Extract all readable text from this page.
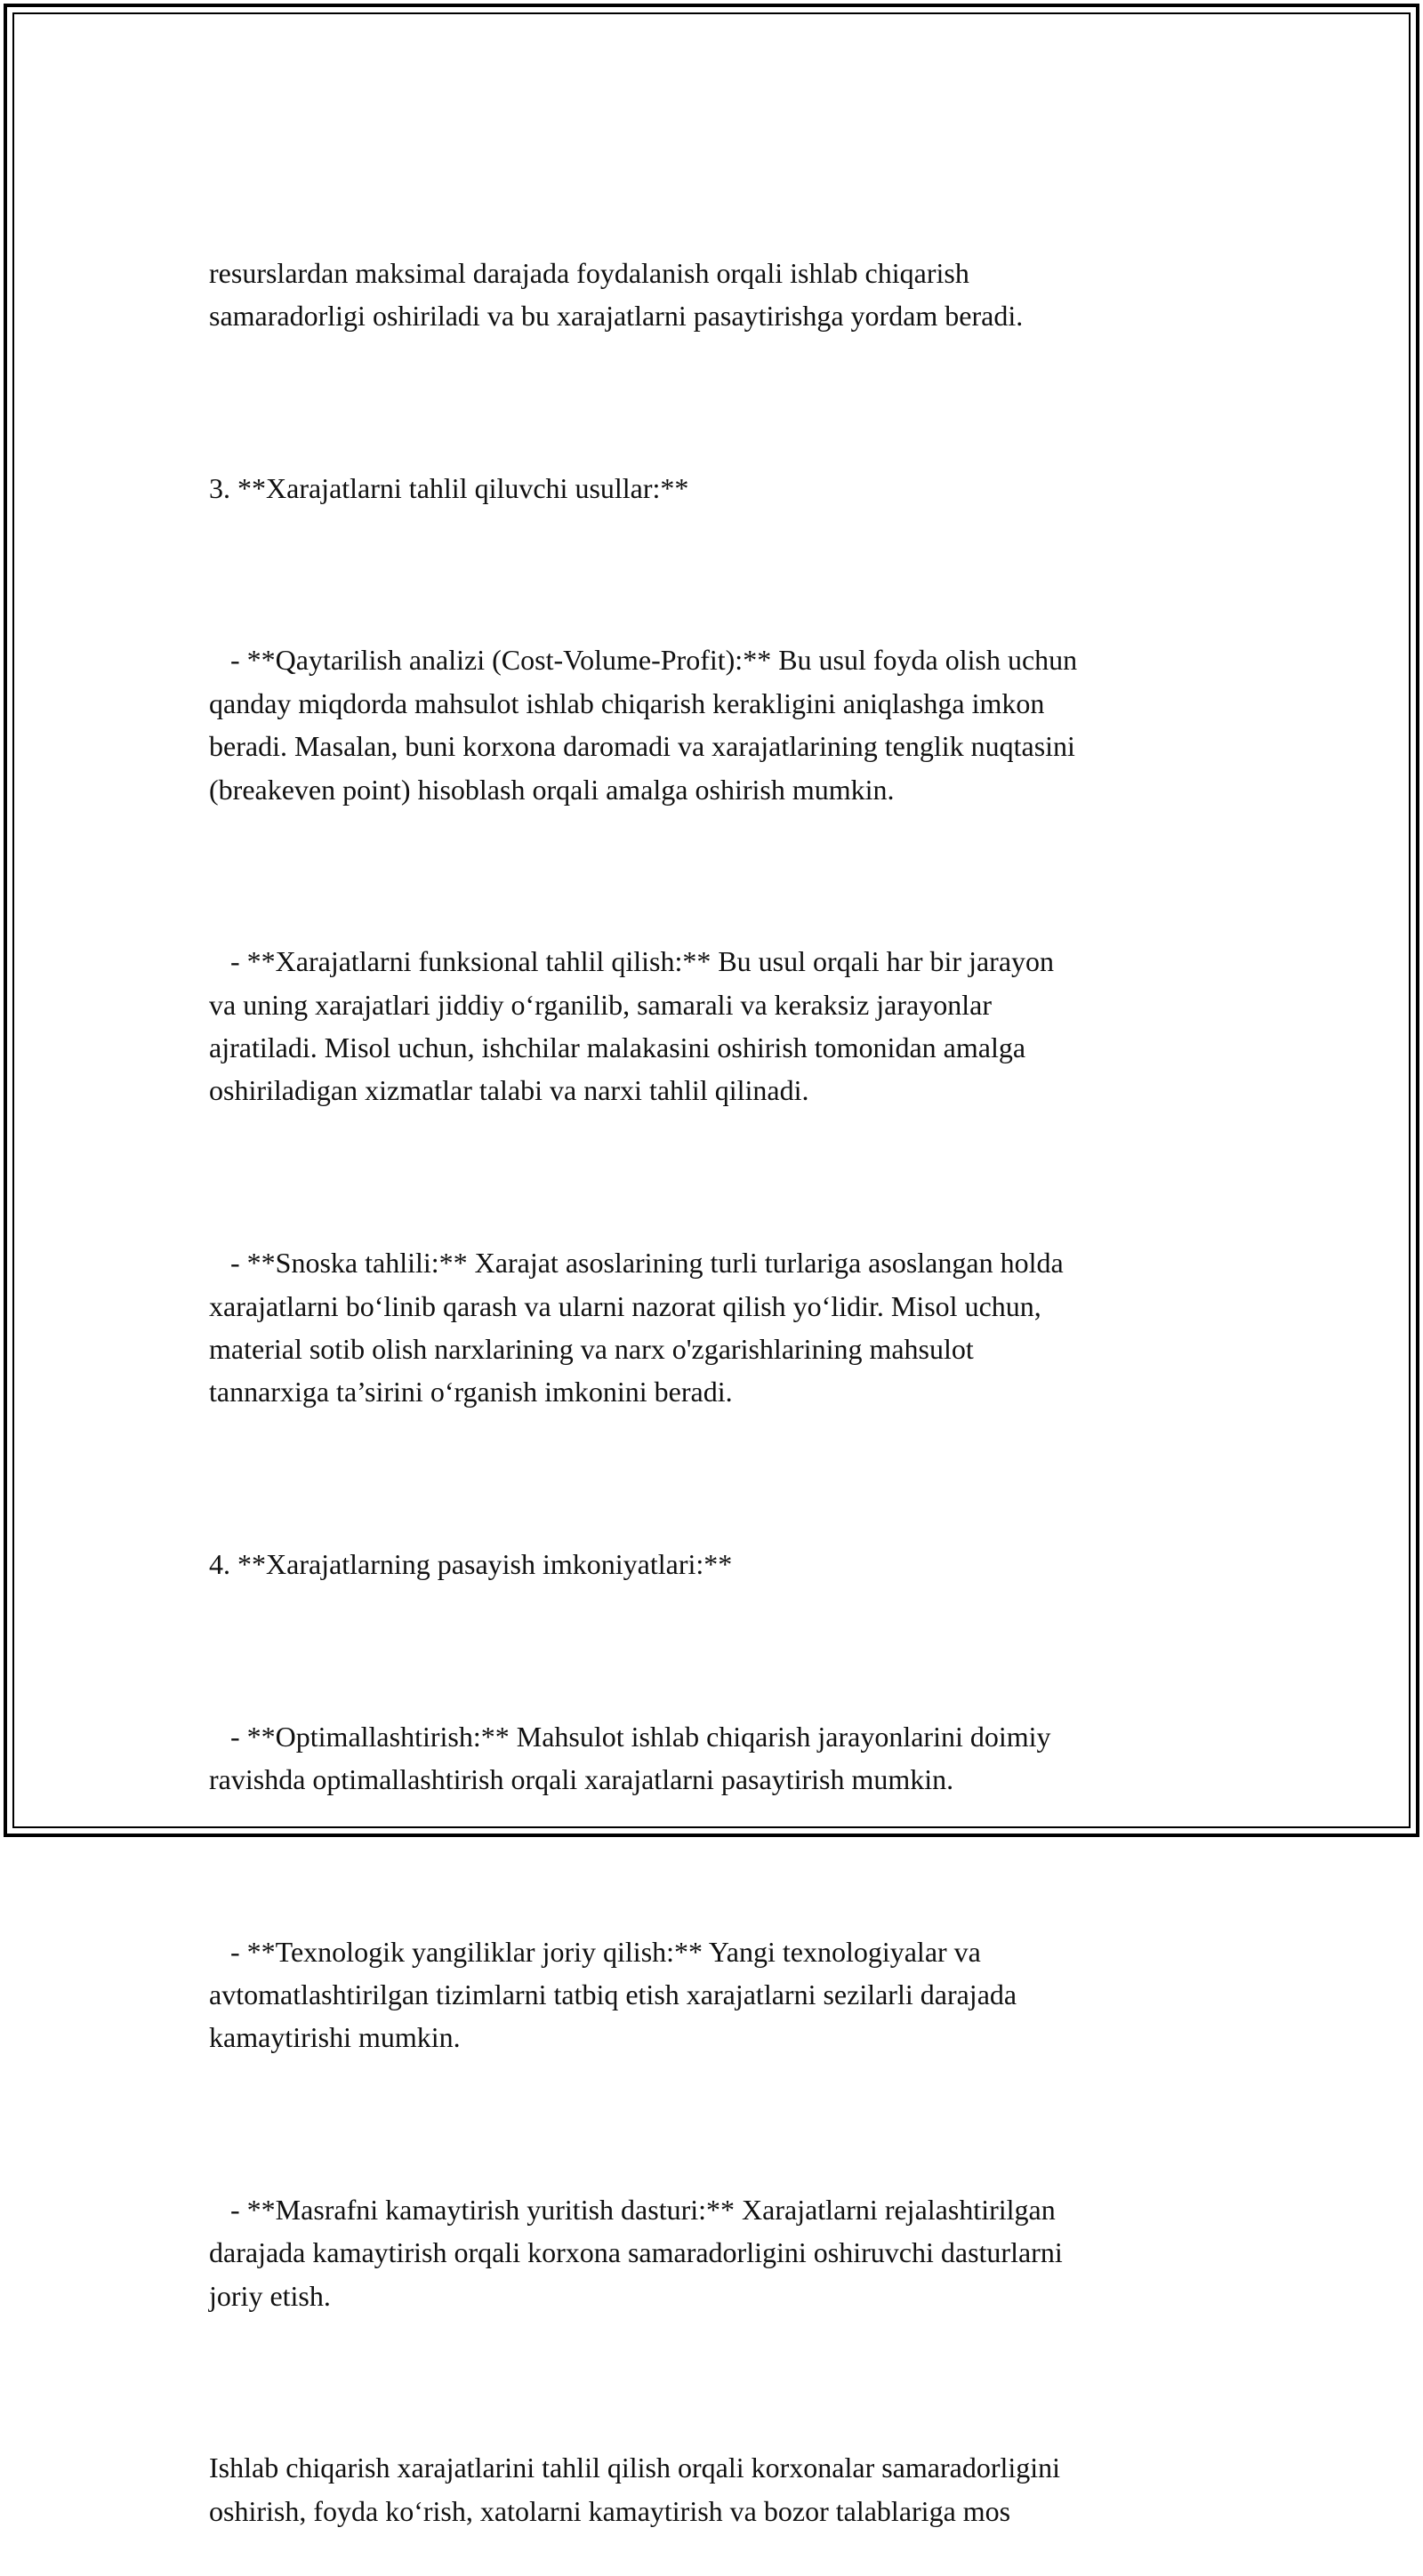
resurslardan maksimal darajada foydalanish orqali ishlab chiqarish
samaradorligi oshiriladi va bu xarajatlarni pasaytirishga yordam beradi.

3. **Xarajatlarni tahlil qiluvchi usullar:**

- **Qaytarilish analizi (Cost-Volume-Profit):** Bu usul foyda olish uchun
qanday miqdorda mahsulot ishlab chiqarish kerakligini aniqlashga imkon
beradi. Masalan, buni korxona daromadi va xarajatlarining tenglik nuqtasini
(breakeven point) hisoblash orqali amalga oshirish mumkin.

- **Xarajatlarni funksional tahlil qilish:** Bu usul orqali har bir jarayon
va uning xarajatlari jiddiy o‘rganilib, samarali va keraksiz jarayonlar
ajratiladi. Misol uchun, ishchilar malakasini oshirish tomonidan amalga
oshiriladigan xizmatlar talabi va narxi tahlil qilinadi.

- **Snoska tahlili:** Xarajat asoslarining turli turlariga asoslangan holda
xarajatlarni bo‘linib qarash va ularni nazorat qilish yo‘lidir. Misol uchun,
material sotib olish narxlarining va narx o'zgarishlarining mahsulot
tannarxiga ta’sirini o‘rganish imkonini beradi.

4. **Xarajatlarning pasayish imkoniyatlari:**

- **Optimallashtirish:** Mahsulot ishlab chiqarish jarayonlarini doimiy
ravishda optimallashtirish orqali xarajatlarni pasaytirish mumkin.

- **Texnologik yangiliklar joriy qilish:** Yangi texnologiyalar va
avtomatlashtirilgan tizimlarni tatbiq etish xarajatlarni sezilarli darajada
kamaytirishi mumkin.

- **Masrafni kamaytirish yuritish dasturi:** Xarajatlarni rejalashtirilgan
darajada kamaytirish orqali korxona samaradorligini oshiruvchi dasturlarni
joriy etish.

Ishlab chiqarish xarajatlarini tahlil qilish orqali korxonalar samaradorligini
oshirish, foyda ko‘rish, xatolarni kamaytirish va bozor talablariga mos
